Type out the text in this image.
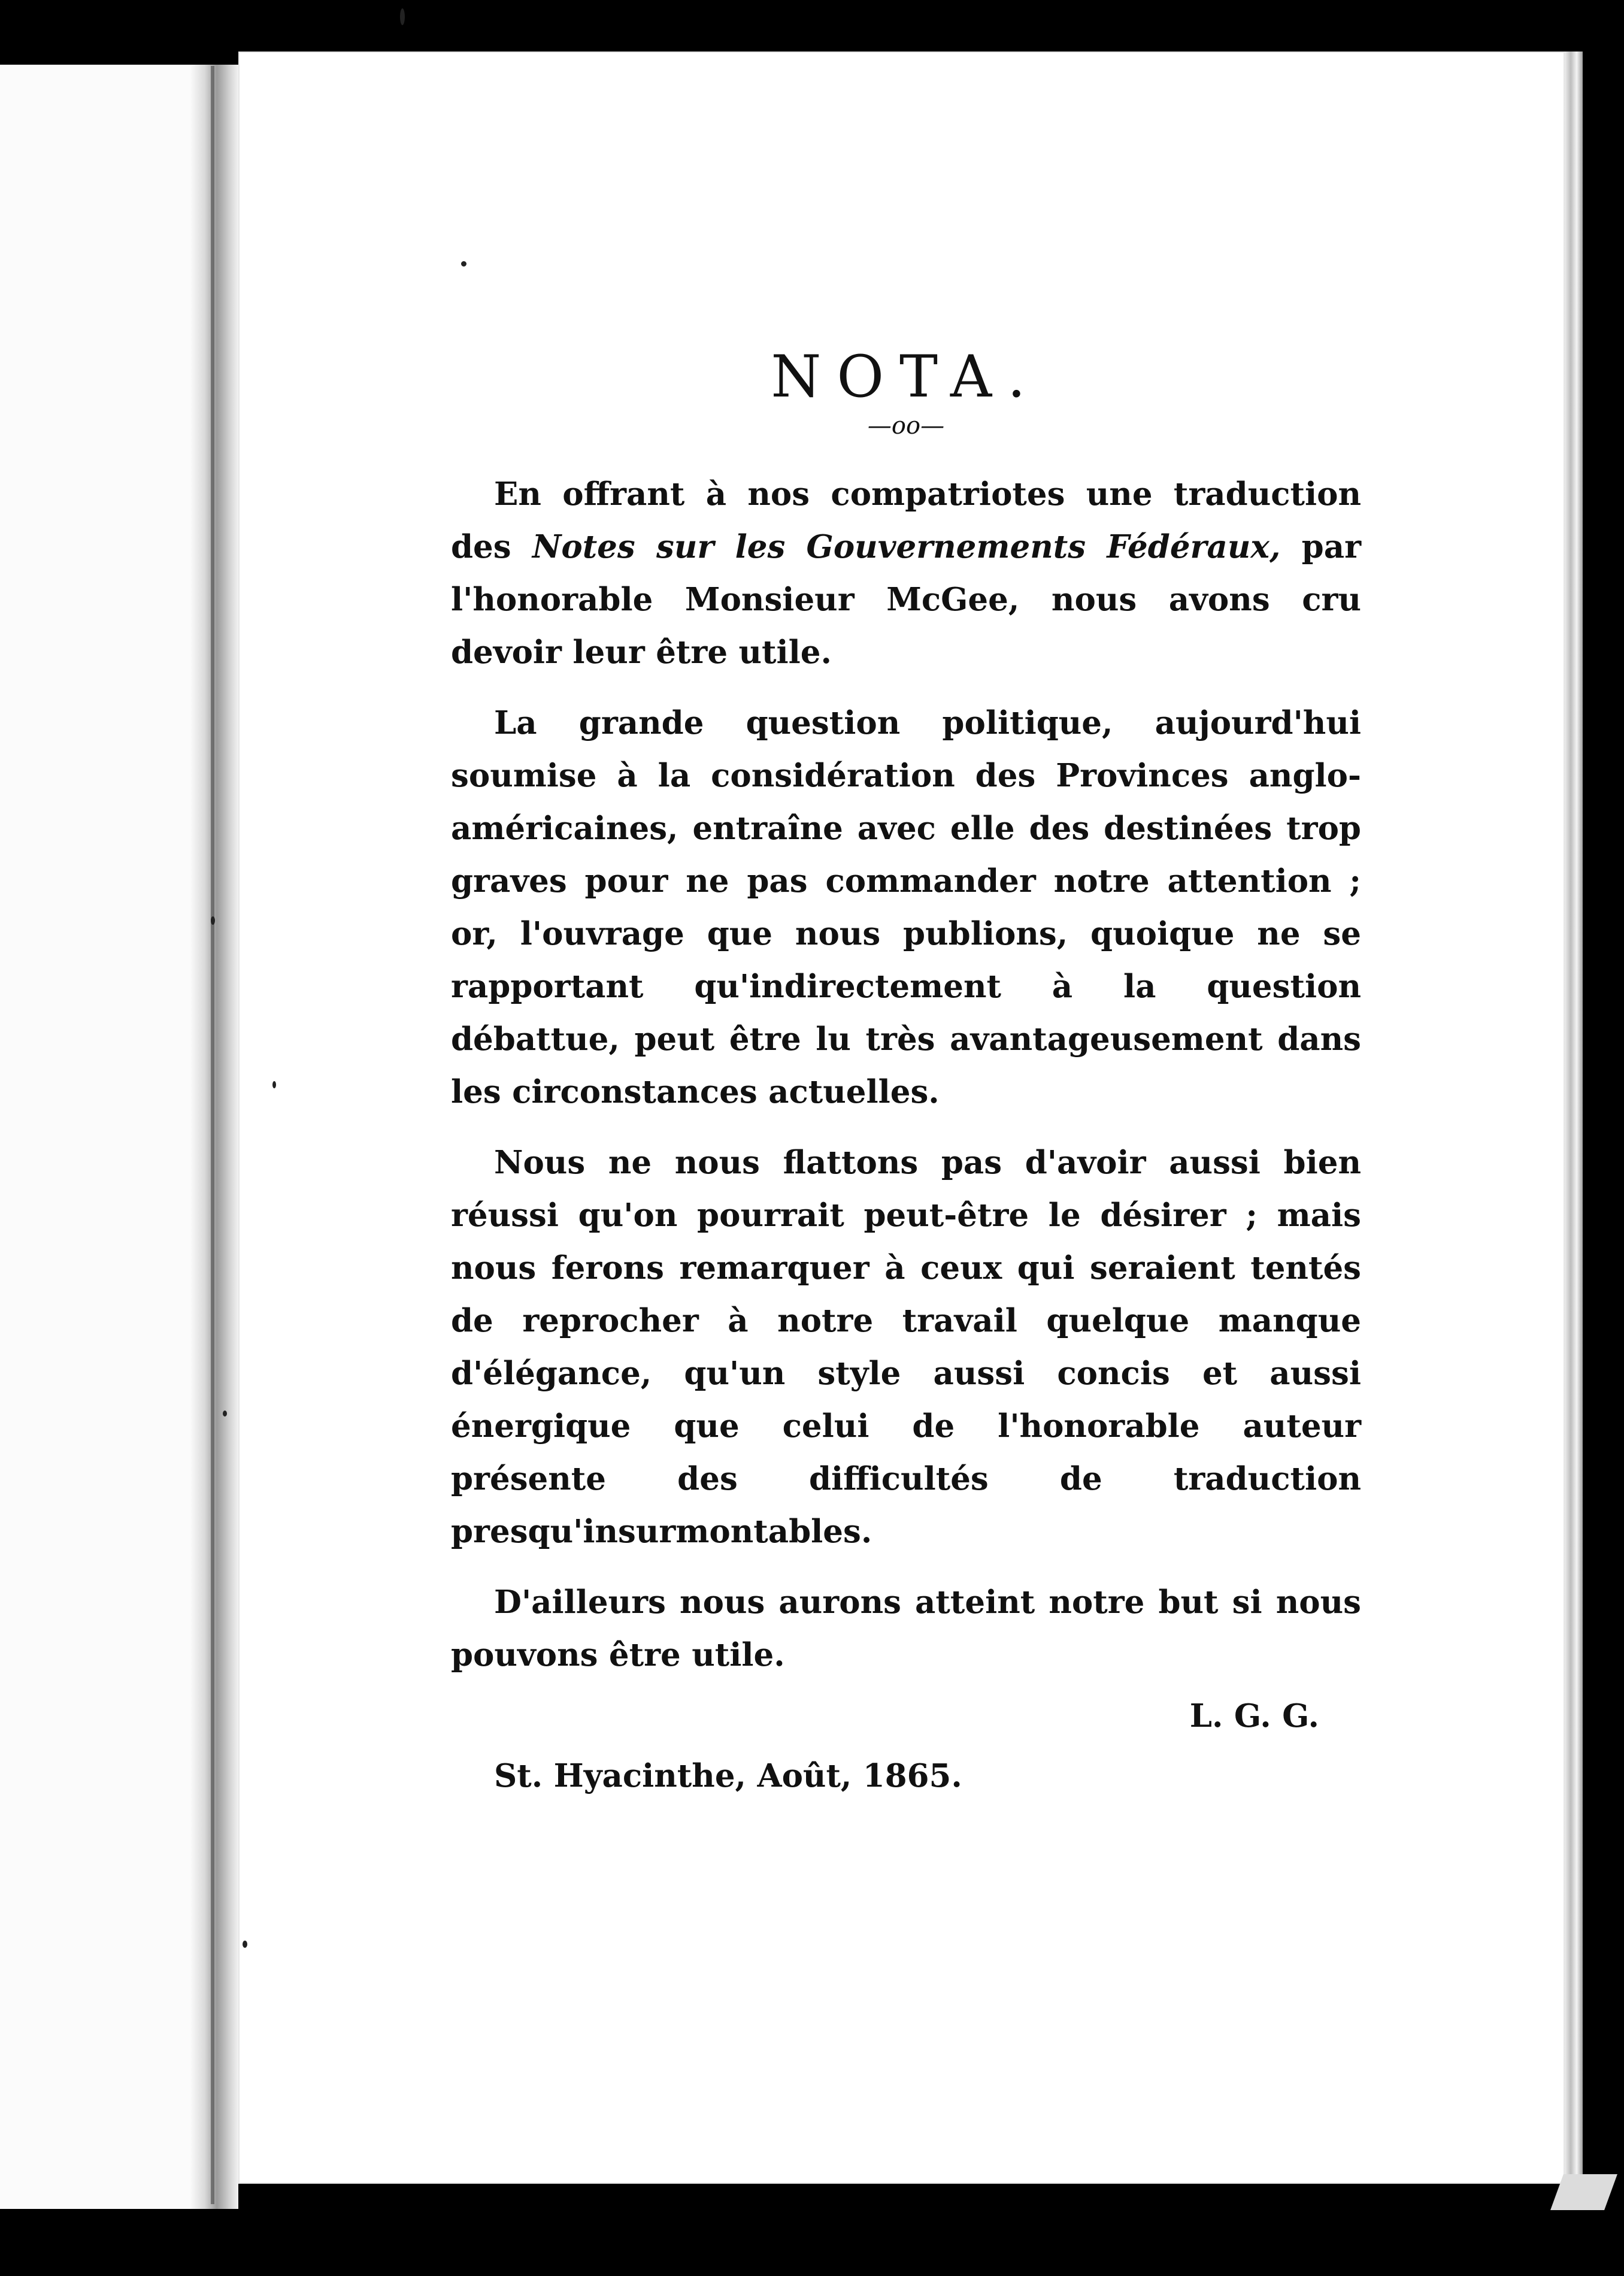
NOTA.
—oo—

En offrant à nos compatriotes une traduction des Notes sur les Gouvernements Fédéraux, par l'honorable Monsieur McGee, nous avons cru devoir leur être utile.

La grande question politique, aujourd'hui soumise à la considération des Provinces anglo-américaines, entraîne avec elle des destinées trop graves pour ne pas commander notre attention ; or, l'ouvrage que nous publions, quoique ne se rapportant qu'indirectement à la question débattue, peut être lu très avantageusement dans les circonstances actuelles.

Nous ne nous flattons pas d'avoir aussi bien réussi qu'on pourrait peut-être le désirer ; mais nous ferons remarquer à ceux qui seraient tentés de reprocher à notre travail quelque manque d'élégance, qu'un style aussi concis et aussi énergique que celui de l'honorable auteur présente des difficultés de traduction presqu'insurmontables.

D'ailleurs nous aurons atteint notre but si nous pouvons être utile.

L. G. G.
St. Hyacinthe, Août, 1865.
